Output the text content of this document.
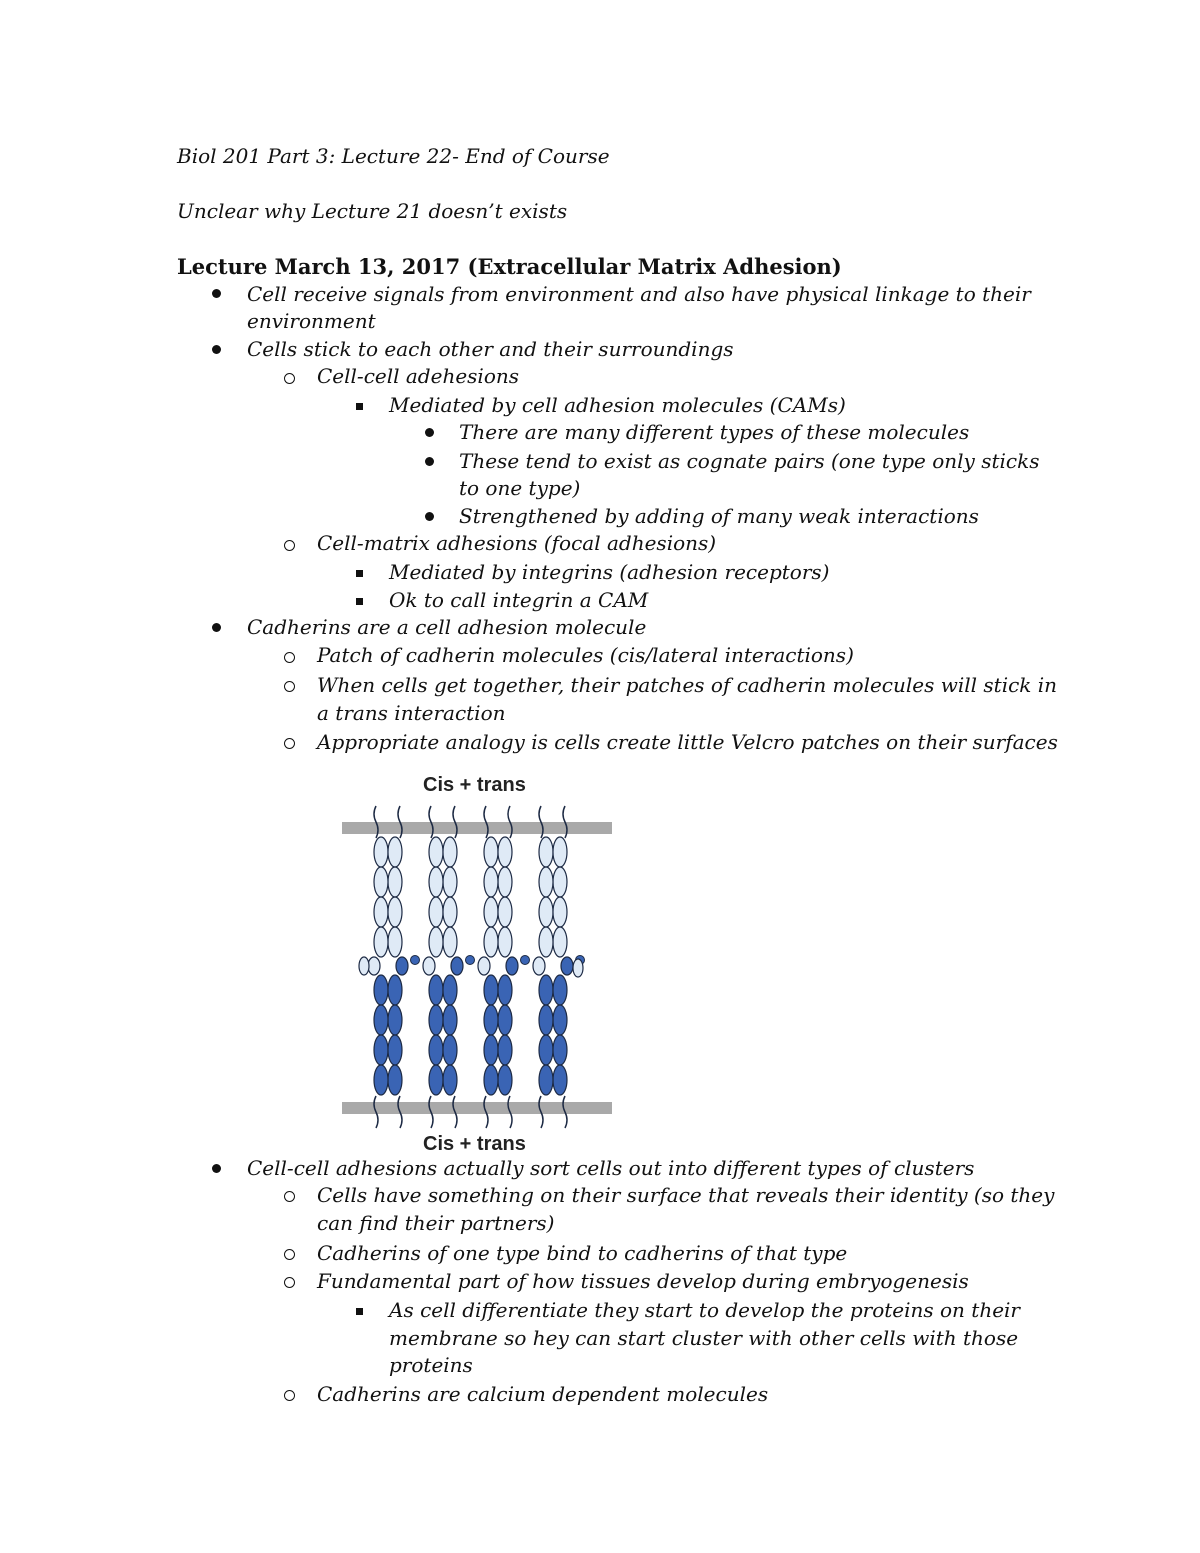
Biol 201 Part 3: Lecture 22- End of Course

Unclear why Lecture 21 doesn’t exists

Lecture March 13, 2017 (Extracellular Matrix Adhesion)

Cell receive signals from environment and also have physical linkage to their

environment

Cells stick to each other and their surroundings

Cell-cell adehesions

Mediated by cell adhesion molecules (CAMs)

There are many different types of these molecules

These tend to exist as cognate pairs (one type only sticks

to one type)

Strengthened by adding of many weak interactions

Cell-matrix adhesions (focal adhesions)

Mediated by integrins (adhesion receptors)

Ok to call integrin a CAM

Cadherins are a cell adhesion molecule

Patch of cadherin molecules (cis/lateral interactions)

When cells get together, their patches of cadherin molecules will stick in

a trans interaction

Appropriate analogy is cells create little Velcro patches on their surfaces

Cis + trans

Cis + trans

Cell-cell adhesions actually sort cells out into different types of clusters

Cells have something on their surface that reveals their identity (so they

can find their partners)

Cadherins of one type bind to cadherins of that type

Fundamental part of how tissues develop during embryogenesis

As cell differentiate they start to develop the proteins on their

membrane so hey can start cluster with other cells with those

proteins

Cadherins are calcium dependent molecules
